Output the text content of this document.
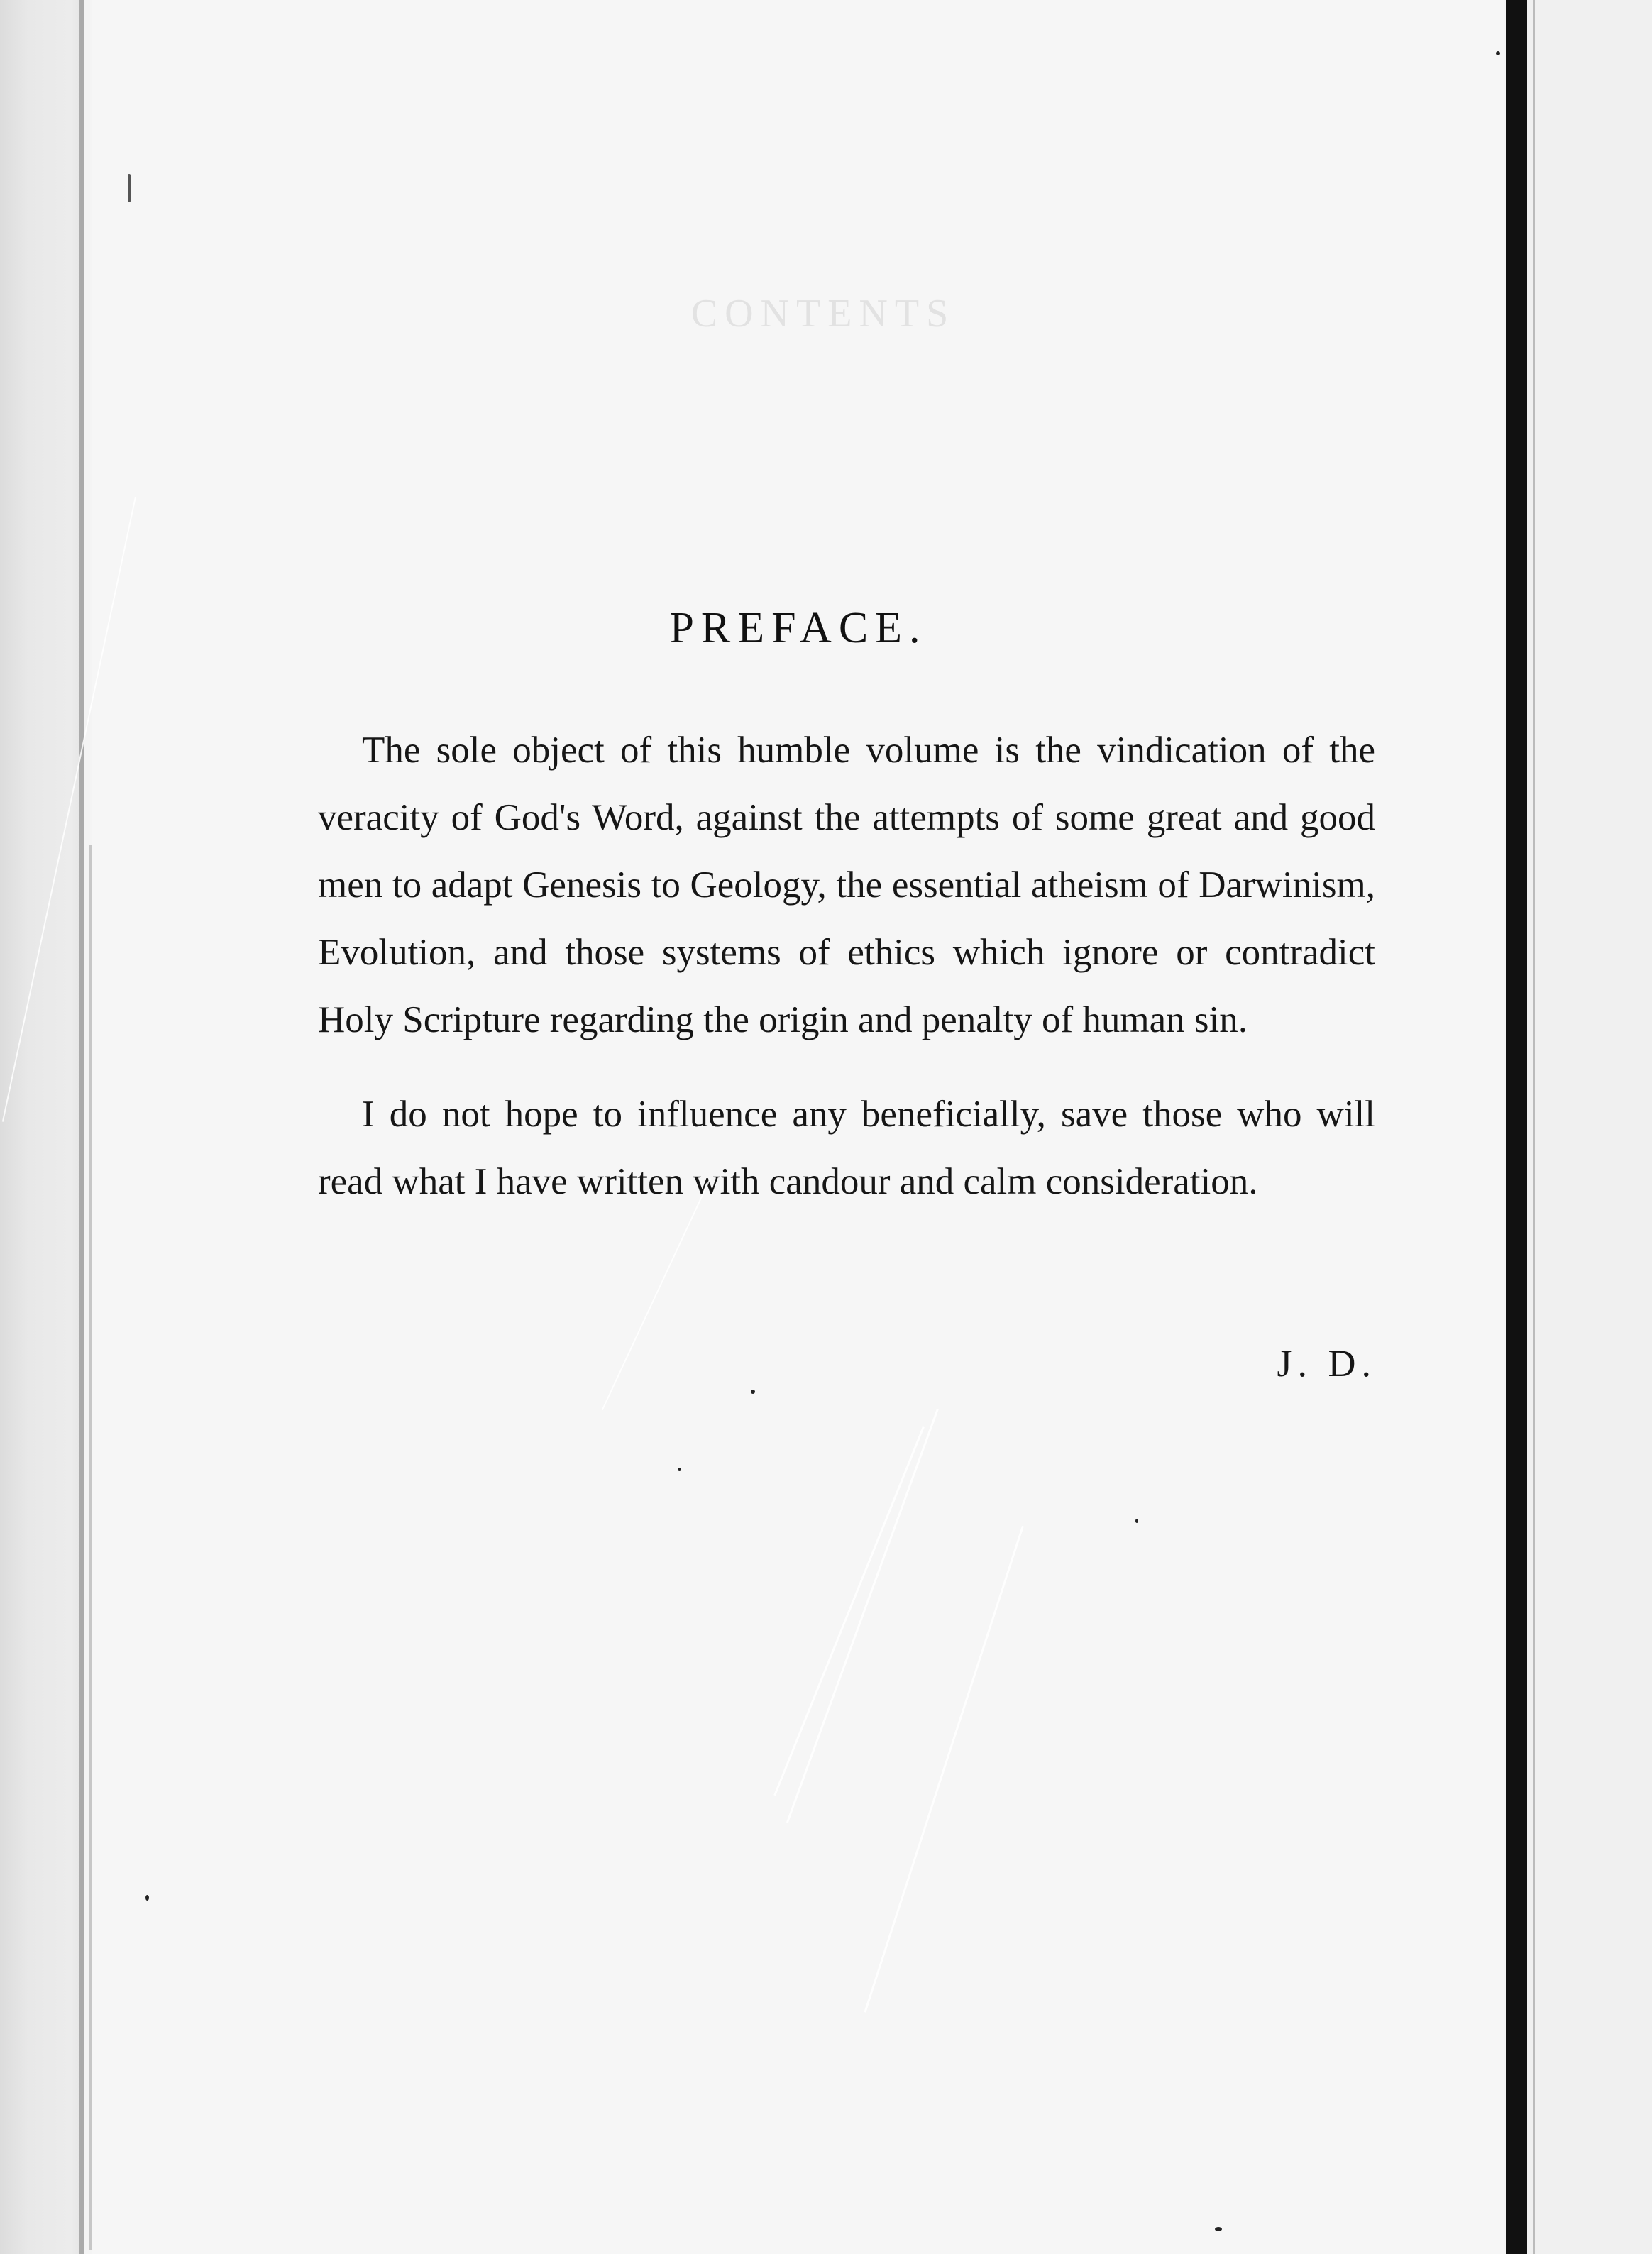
CONTENTS
PREFACE.

The sole object of this humble volume is the vindication of the veracity of God's Word, against the attempts of some great and good men to adapt Genesis to Geology, the essential atheism of Darwinism, Evolution, and those systems of ethics which ignore or contradict Holy Scripture regarding the origin and penalty of human sin.

I do not hope to influence any beneficially, save those who will read what I have written with candour and calm consideration.

J. D.
